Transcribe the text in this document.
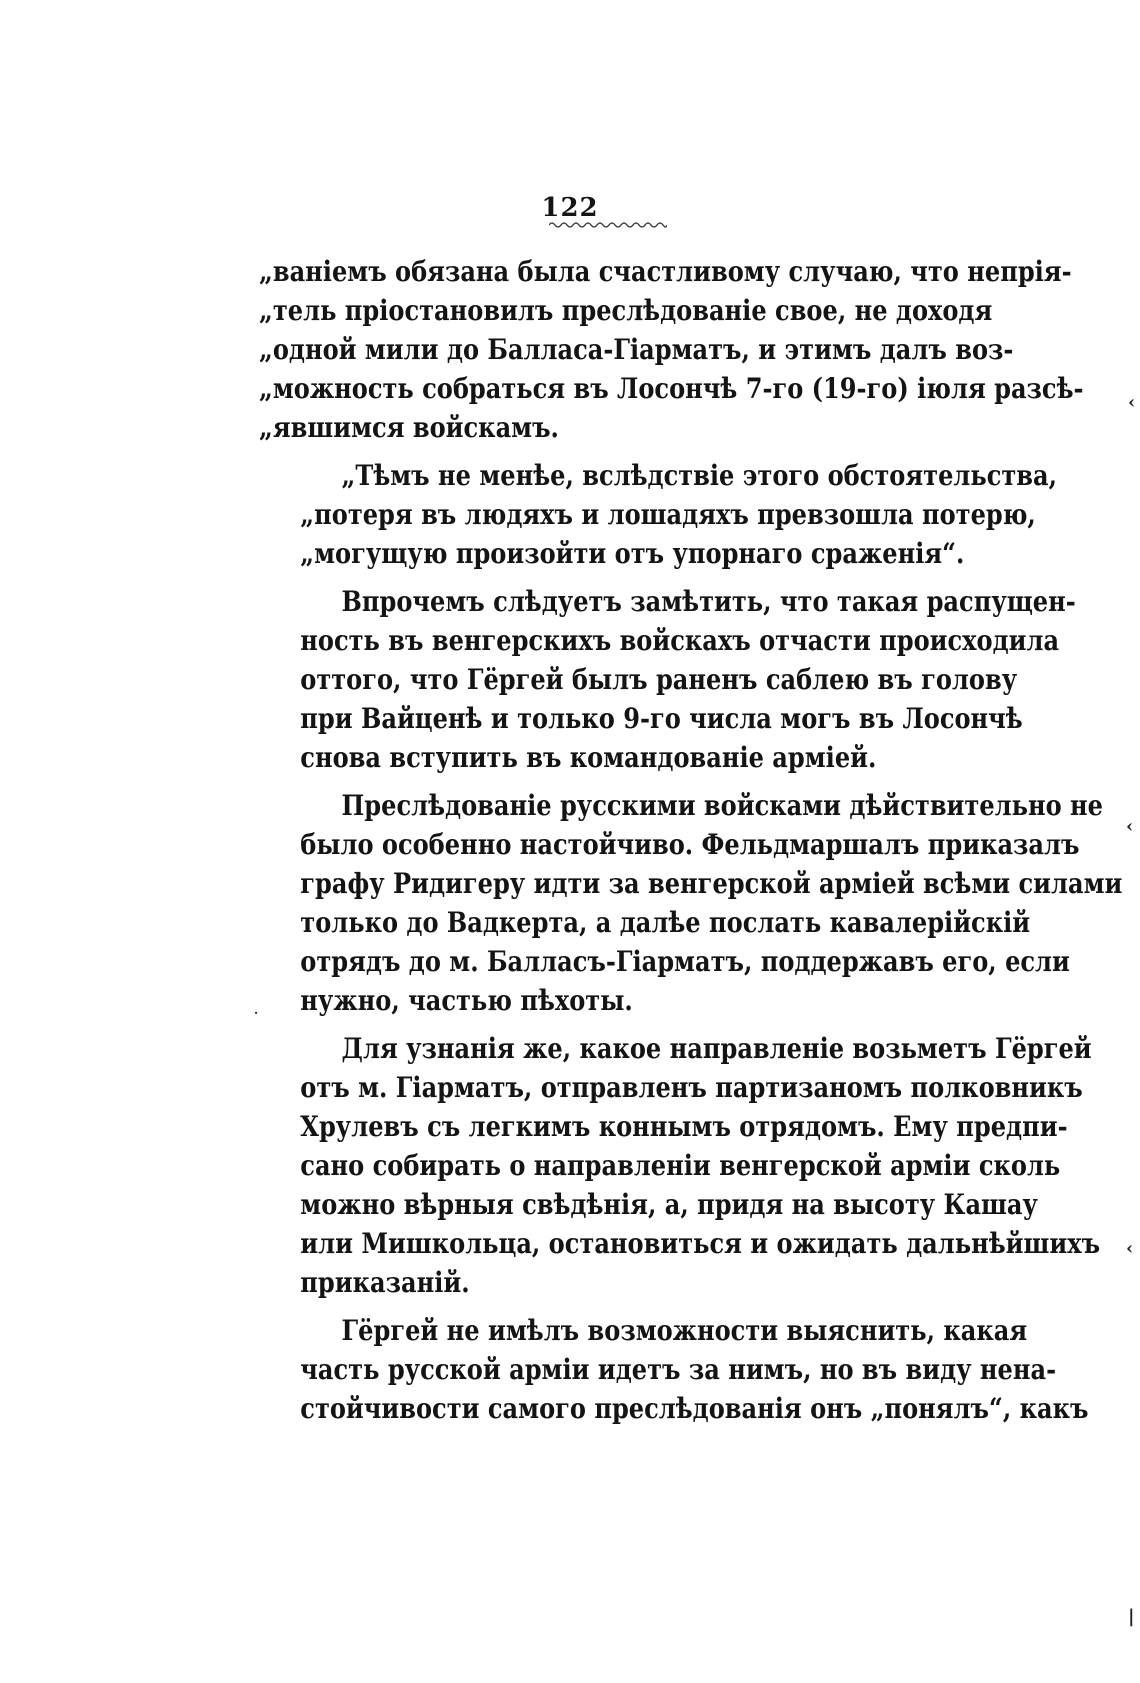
122
„ваніемъ обязана была счастливому случаю, что непрія-
„тель пріостановилъ преслѣдованіе свое, не доходя
„одной мили до Балласа-Гіарматъ, и этимъ далъ воз-
„можность собраться въ Лосончѣ 7-го (19-го) іюля разсѣ-
„явшимся войскамъ.
„Тѣмъ не менѣе, вслѣдствіе этого обстоятельства,
„потеря въ людяхъ и лошадяхъ превзошла потерю,
„могущую произойти отъ упорнаго сраженія“.
Впрочемъ слѣдуетъ замѣтить, что такая распущен-
ность въ венгерскихъ войскахъ отчасти происходила
оттого, что Гёргей былъ раненъ саблею въ голову
при Вайценѣ и только 9-го числа могъ въ Лосончѣ
снова вступить въ командованіе арміей.
Преслѣдованіе русскими войсками дѣйствительно не
было особенно настойчиво. Фельдмаршалъ приказалъ
графу Ридигеру идти за венгерской арміей всѣми силами
только до Вадкерта, а далѣе послать кавалерійскій
отрядъ до м. Балласъ-Гіарматъ, поддержавъ его, если
нужно, частью пѣхоты.
Для узнанія же, какое направленіе возьметъ Гёргей
отъ м. Гіарматъ, отправленъ партизаномъ полковникъ
Хрулевъ съ легкимъ коннымъ отрядомъ. Ему предпи-
сано собирать о направленіи венгерской арміи сколь
можно вѣрныя свѣдѣнія, а, придя на высоту Кашау
или Мишкольца, остановиться и ожидать дальнѣйшихъ
приказаній.
Гёргей не имѣлъ возможности выяснить, какая
часть русской арміи идетъ за нимъ, но въ виду нена-
стойчивости самого преслѣдованія онъ „понялъ“, какъ
‹
‹
‹
|
·
